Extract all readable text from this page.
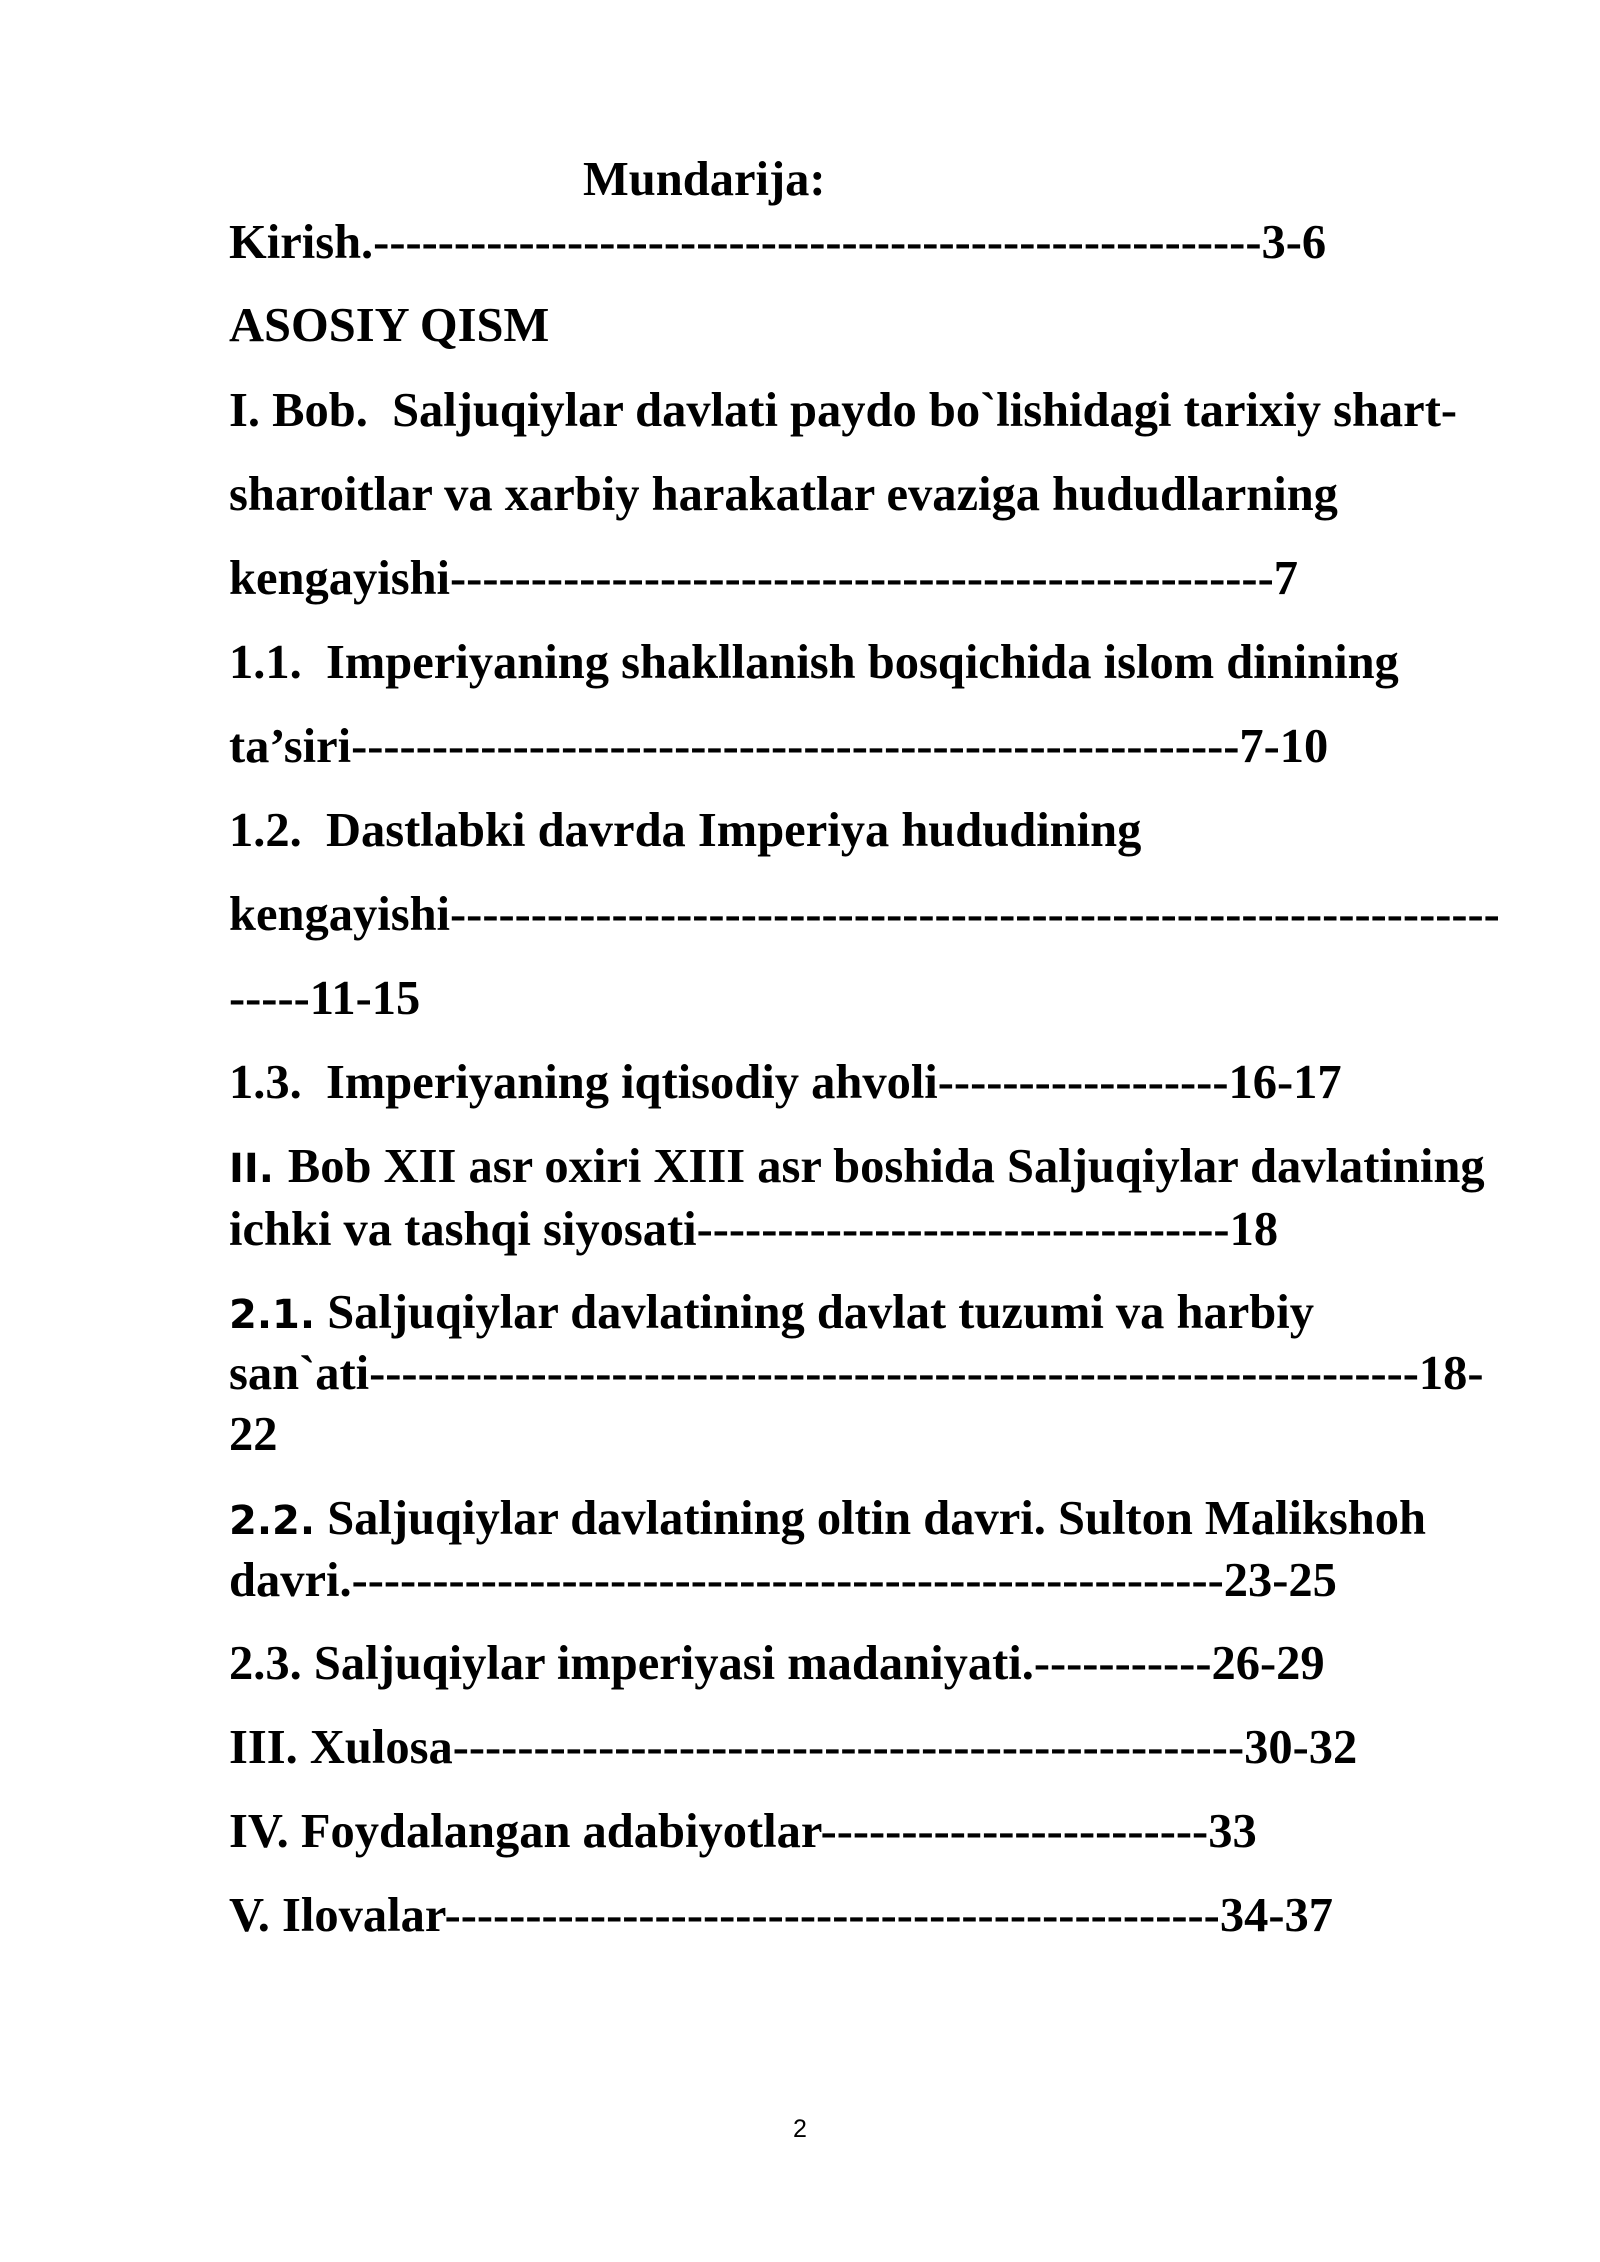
Mundarija:
Kirish.-------------------------------------------------------3-6
ASOSIY QISM
I. Bob.  Saljuqiylar davlati paydo bo`lishidagi tarixiy shart-
sharoitlar va xarbiy harakatlar evaziga hududlarning
kengayishi---------------------------------------------------7
1.1.  Imperiyaning shakllanish bosqichida islom dinining
ta’siri-------------------------------------------------------7-10
1.2.  Dastlabki davrda Imperiya hududining
kengayishi-----------------------------------------------------------------
-----11-15
1.3.  Imperiyaning iqtisodiy ahvoli------------------16-17
II. Bob XII asr oxiri XIII asr boshida Saljuqiylar davlatining
ichki va tashqi siyosati---------------------------------18
2.1. Saljuqiylar davlatining davlat tuzumi va harbiy
san`ati-----------------------------------------------------------------18-
22
2.2. Saljuqiylar davlatining oltin davri. Sulton Malikshoh
davri.------------------------------------------------------23-25
2.3. Saljuqiylar imperiyasi madaniyati.-----------26-29
III. Xulosa-------------------------------------------------30-32
IV. Foydalangan adabiyotlar------------------------33
V. Ilovalar------------------------------------------------34-37
2
